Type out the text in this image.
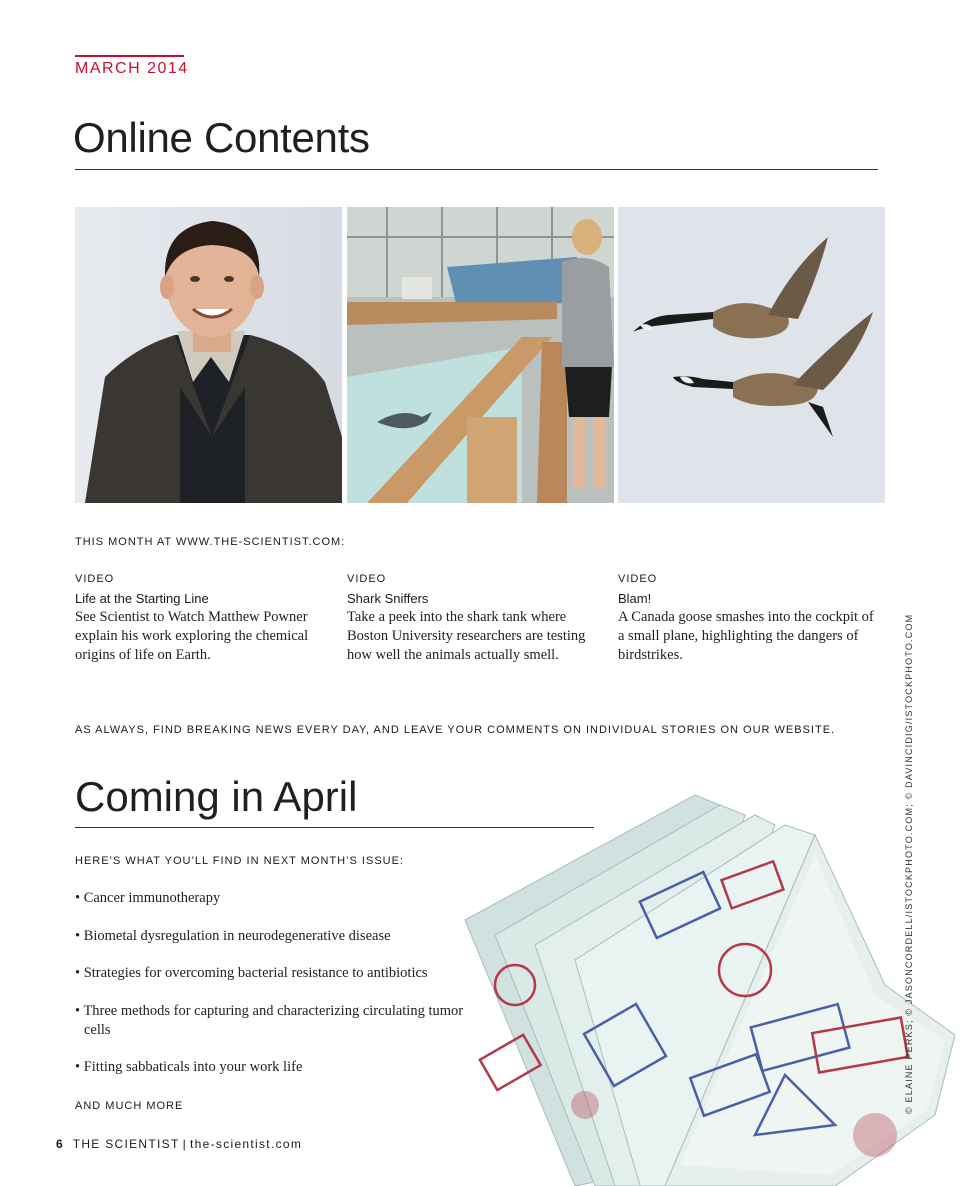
MARCH 2014
Online Contents
THIS MONTH AT WWW.THE-SCIENTIST.COM:
VIDEO
Life at the Starting Line
See Scientist to Watch Matthew Powner explain his work exploring the chemical origins of life on Earth.
VIDEO
Shark Sniffers
Take a peek into the shark tank where Boston University researchers are testing how well the animals actually smell.
VIDEO
Blam!
A Canada goose smashes into the cockpit of a small plane, highlighting the dangers of birdstrikes.
AS ALWAYS, FIND BREAKING NEWS EVERY DAY, AND LEAVE YOUR COMMENTS ON INDIVIDUAL STORIES ON OUR WEBSITE.
Coming in April
HERE’S WHAT YOU’LL FIND IN NEXT MONTH’S ISSUE:
• Cancer immunotherapy
• Biometal dysregulation in neurodegenerative disease
• Strategies for overcoming bacterial resistance to antibiotics
• Three methods for capturing and characterizing circulating tumor cells
• Fitting sabbaticals into your work life
AND MUCH MORE
6 THE SCIENTIST | the-scientist.com
© ELAINE PERKS; © JASONCORDELL/ISTOCKPHOTO.COM; © DAVINCIDIG/ISTOCKPHOTO.COM
